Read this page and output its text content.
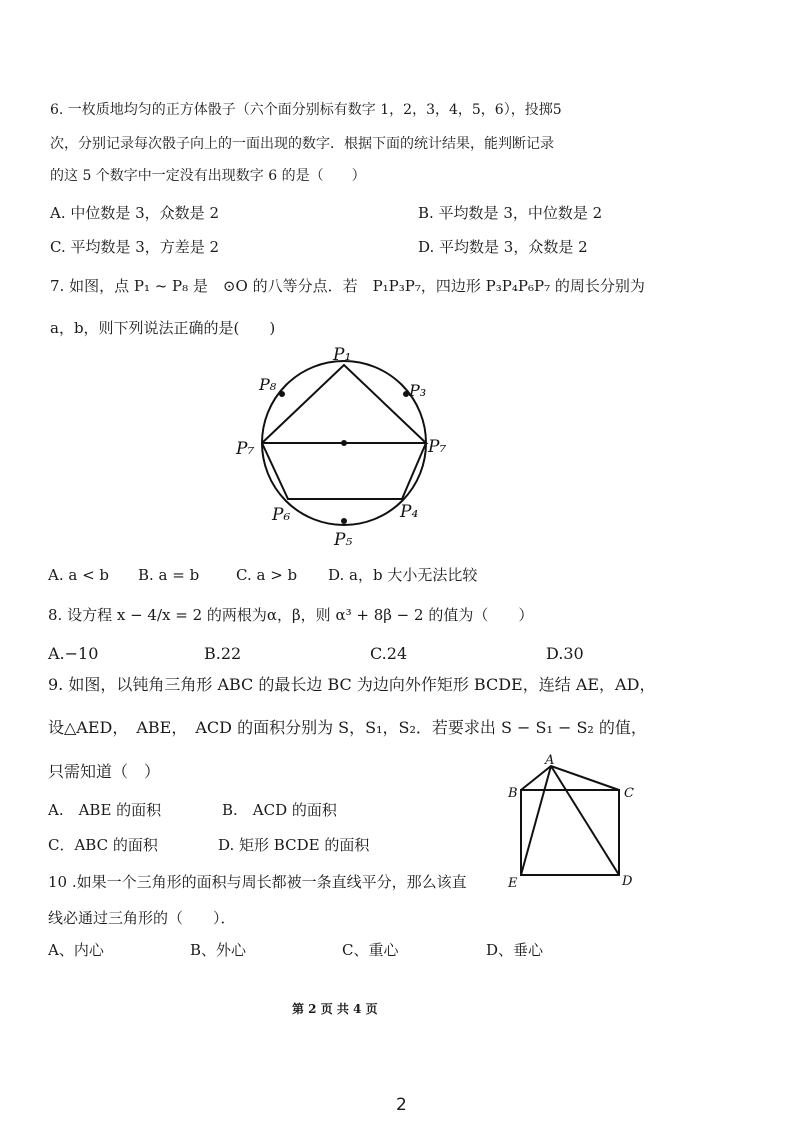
6. 一枚质地均匀的正方体骰子（六个面分别标有数字 1，2，3，4，5，6），投掷5
次，分别记录每次骰子向上的一面出现的数字．根据下面的统计结果，能判断记录
的这 5 个数字中一定没有出现数字 6 的是（　　）
A. 中位数是 3，众数是 2	B. 平均数是 3，中位数是 2
C. 平均数是 3，方差是 2	D. 平均数是 3，众数是 2
7. 如图，点 P₁ ~ P₈ 是　⊙O 的八等分点．若　P₁P₃P₇，四边形 P₃P₄P₆P₇ 的周长分别为
a，b，则下列说法正确的是(　　)
P₁
P₈	P₃
P₇	P₇
P₆	P₄
P₅
A. a < b B. a = b C. a > b D. a，b 大小无法比较
8. 设方程 x − 4/x = 2 的两根为α，β，则 α³ + 8β − 2 的值为（　　）
A.−10	B.22	C.24	D.30
9. 如图，以钝角三角形 ABC 的最长边 BC 为边向外作矩形 BCDE，连结 AE，AD，
设△AED，　ABE，　ACD 的面积分别为 S，S₁，S₂．若要求出 S − S₁ − S₂ 的值，
只需知道（　）
A.　ABE 的面积	B.　ACD 的面积
C．ABC 的面积	D. 矩形 BCDE 的面积
A
B	C
E	D
10 .如果一个三角形的面积与周长都被一条直线平分，那么该直
线必通过三角形的（　　）．
A、内心	B、外心	C、重心	D、垂心
第 2 页 共 4 页
2
